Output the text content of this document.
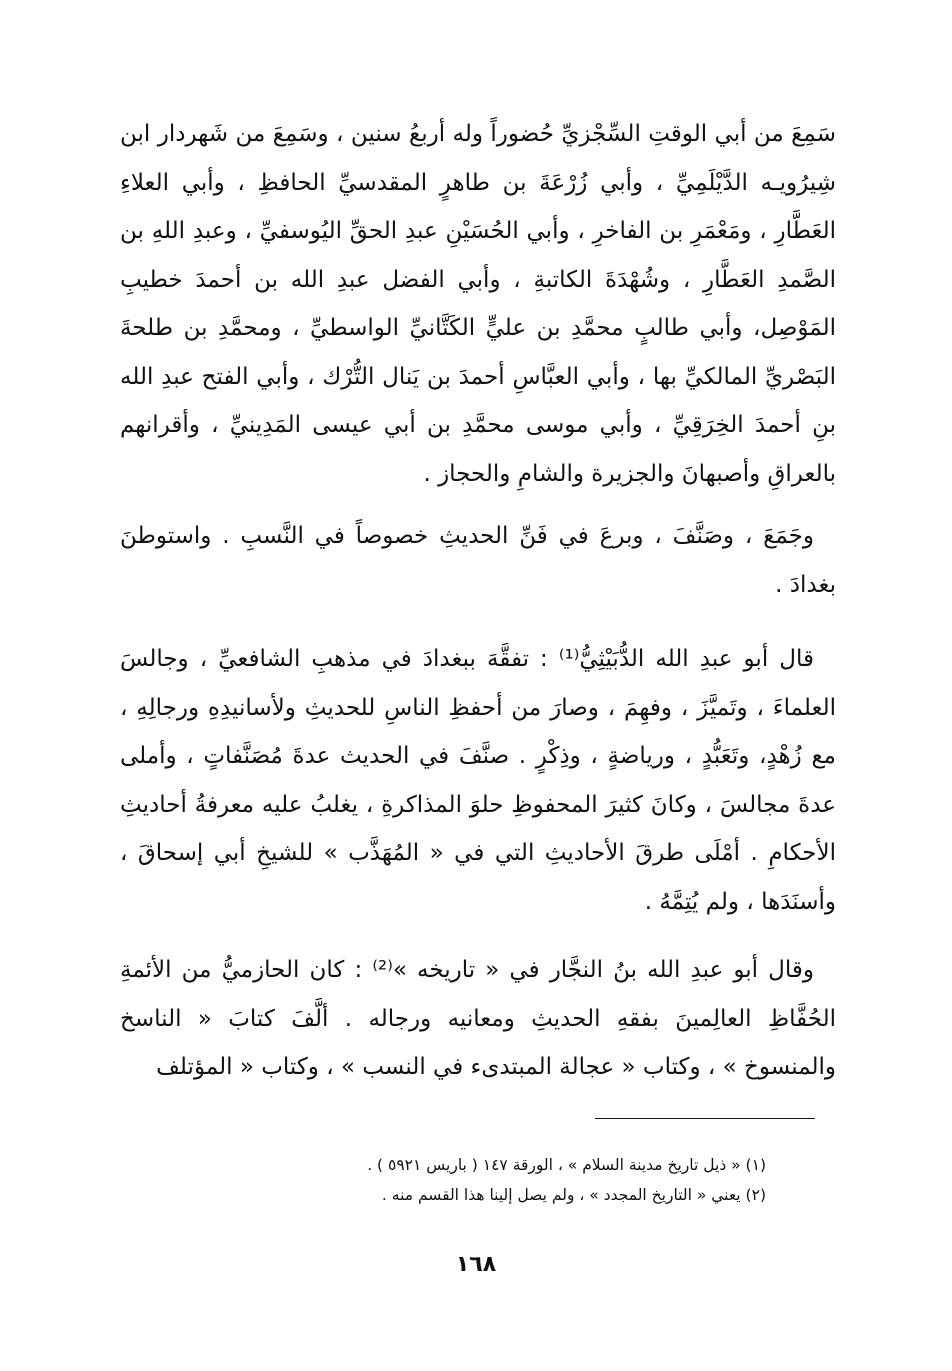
سَمِعَ من أبي الوقتِ السِّجْزيِّ حُضوراً وله أربعُ سنين ، وسَمِعَ من شَهردار ابن شِيرُويـه الدَّيْلَمِيِّ ، وأبي زُرْعَةَ بن طاهرٍ المقدسيِّ الحافظِ ، وأبي العلاءِ العَطَّارِ ، ومَعْمَرِ بن الفاخرِ ، وأبي الحُسَيْنِ عبدِ الحقِّ اليُوسفيِّ ، وعبدِ اللهِ بن الصَّمدِ العَطَّارِ ، وشُهْدَةَ الكاتبةِ ، وأبي الفضل عبدِ الله بن أحمدَ خطيبِ المَوْصِل، وأبي طالبٍ محمَّدِ بن عليٍّ الكَتَّانيِّ الواسطيِّ ، ومحمَّدِ بن طلحةَ البَصْريِّ المالكيِّ بها ، وأبي العبَّاسِ أحمدَ بن يَنال التُّرْك ، وأبي الفتح عبدِ الله بنِ أحمدَ الخِرَقِيِّ ، وأبي موسى محمَّدِ بن أبي عيسى المَدِينيِّ ، وأقرانهم بالعراقِ وأصبهانَ والجزيرة والشامِ والحجاز .

وجَمَعَ ، وصَنَّفَ ، وبرعَ في فَنِّ الحديثِ خصوصاً في النَّسبِ . واستوطنَ بغدادَ .

قال أبو عبدِ الله الدُّبَيْثِيُّ⁽¹⁾ : تفقَّهَ ببغدادَ في مذهبِ الشافعيِّ ، وجالسَ العلماءَ ، وتَميَّزَ ، وفهِمَ ، وصارَ من أحفظِ الناسِ للحديثِ ولأسانيدِهِ ورجالِهِ ، مع زُهْدٍ، وتَعَبُّدٍ ، ورياضةٍ ، وذِكْرٍ . صنَّفَ في الحديث عدةَ مُصَنَّفاتٍ ، وأملى عدةَ مجالسَ ، وكانَ كثيرَ المحفوظِ حلوَ المذاكرةِ ، يغلبُ عليه معرفةُ أحاديثِ الأحكامِ . أمْلَى طرقَ الأحاديثِ التي في « المُهَذَّب » للشيخِ أبي إسحاقَ ، وأسنَدَها ، ولم يُتِمَّهُ .

وقال أبو عبدِ الله بنُ النجَّار في « تاريخه »⁽²⁾ : كان الحازميُّ من الأئمةِ الحُفَّاظِ العالِمينَ بفقهِ الحديثِ ومعانيه ورجاله . ألَّفَ كتابَ « الناسخ والمنسوخ » ، وكتاب « عجالة المبتدىء في النسب » ، وكتاب « المؤتلف

(١) « ذيل تاريخ مدينة السلام » ، الورقة ١٤٧ ( باريس ٥٩٢١ ) .

(٢) يعني « التاريخ المجدد » ، ولم يصل إلينا هذا القسم منه .

١٦٨
